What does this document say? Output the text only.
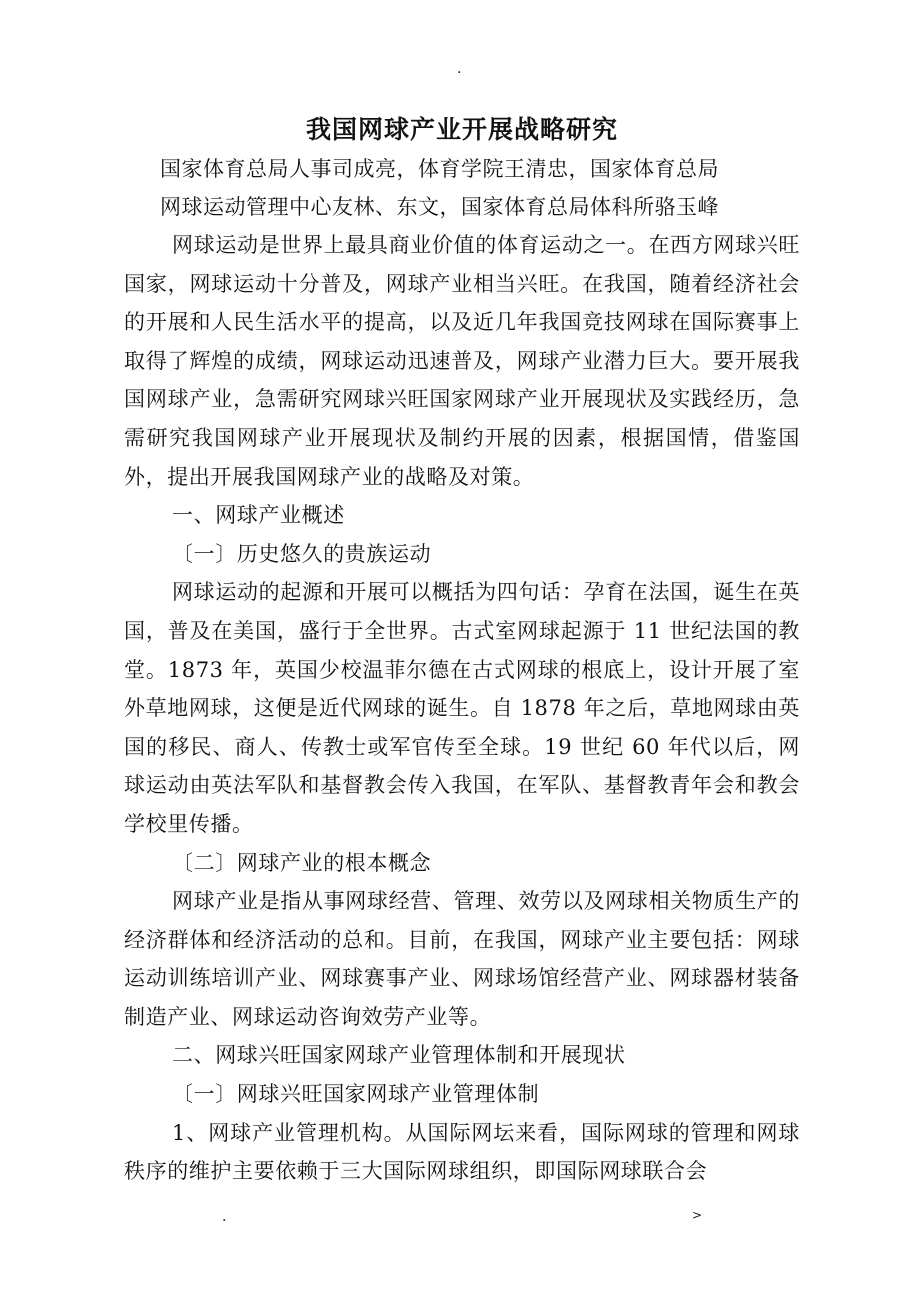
.
我国网球产业开展战略研究

国家体育总局人事司成亮，体育学院王清忠，国家体育总局

网球运动管理中心友林、东文，国家体育总局体科所骆玉峰

网球运动是世界上最具商业价值的体育运动之一。在西方网球兴旺国家，网球运动十分普及，网球产业相当兴旺。在我国，随着经济社会的开展和人民生活水平的提高，以及近几年我国竞技网球在国际赛事上取得了辉煌的成绩，网球运动迅速普及，网球产业潜力巨大。要开展我国网球产业，急需研究网球兴旺国家网球产业开展现状及实践经历，急需研究我国网球产业开展现状及制约开展的因素，根据国情，借鉴国外，提出开展我国网球产业的战略及对策。

一、网球产业概述

〔一〕历史悠久的贵族运动

网球运动的起源和开展可以概括为四句话：孕育在法国，诞生在英国，普及在美国，盛行于全世界。古式室网球起源于 11 世纪法国的教堂。1873 年，英国少校温菲尔德在古式网球的根底上，设计开展了室外草地网球，这便是近代网球的诞生。自 1878 年之后，草地网球由英国的移民、商人、传教士或军官传至全球。19 世纪 60 年代以后，网球运动由英法军队和基督教会传入我国，在军队、基督教青年会和教会学校里传播。

〔二〕网球产业的根本概念

网球产业是指从事网球经营、管理、效劳以及网球相关物质生产的经济群体和经济活动的总和。目前，在我国，网球产业主要包括：网球运动训练培训产业、网球赛事产业、网球场馆经营产业、网球器材装备制造产业、网球运动咨询效劳产业等。

二、网球兴旺国家网球产业管理体制和开展现状

〔一〕网球兴旺国家网球产业管理体制

1、网球产业管理机构。从国际网坛来看，国际网球的管理和网球秩序的维护主要依赖于三大国际网球组织，即国际网球联合会

.	>
